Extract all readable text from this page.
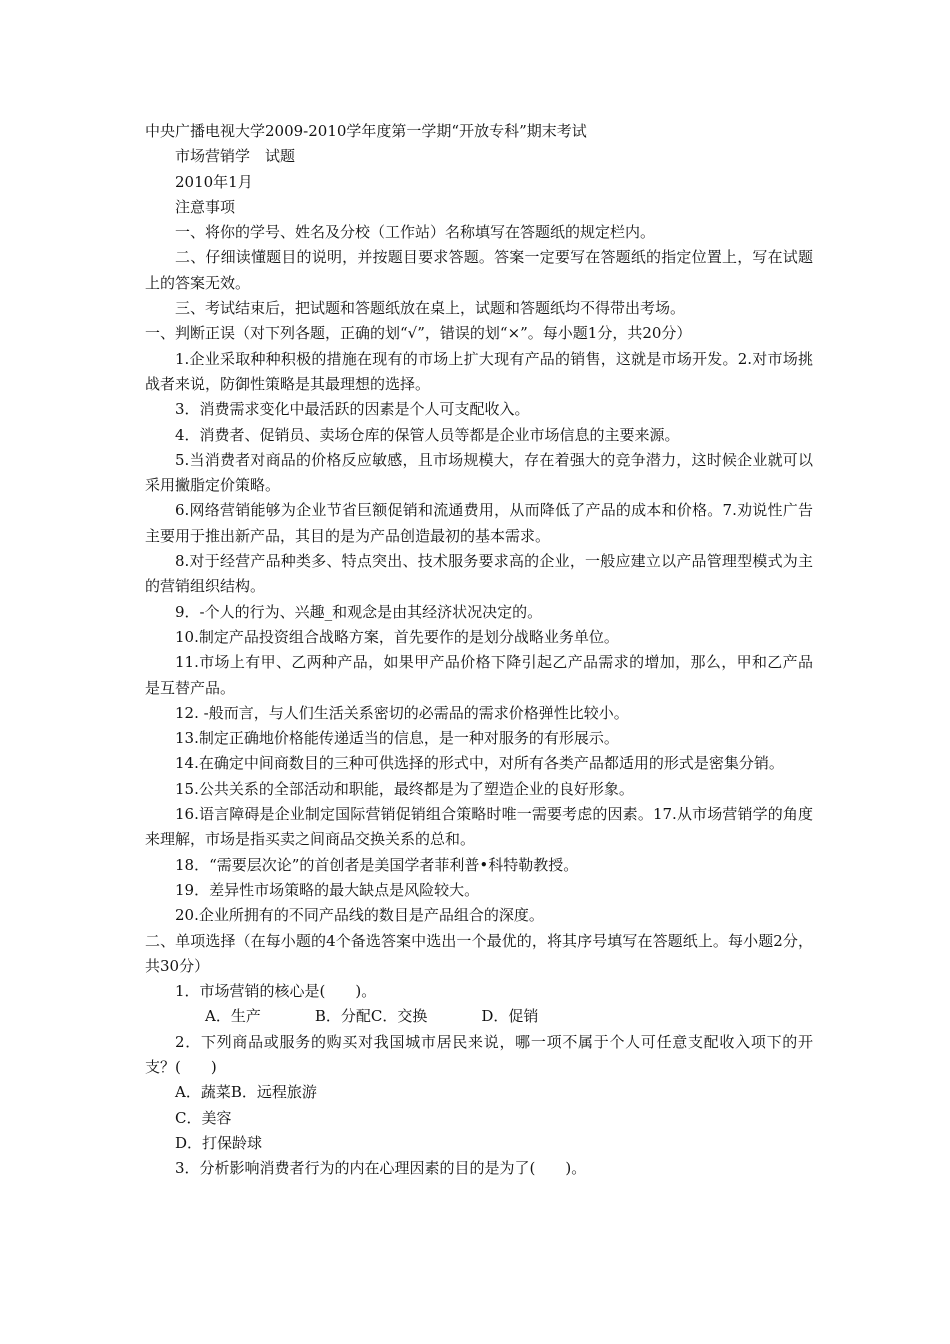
中央广播电视大学2009-2010学年度第一学期“开放专科”期末考试
市场营销学　试题
2010年1月
注意事项
一、将你的学号、姓名及分校（工作站）名称填写在答题纸的规定栏内。
二、仔细读懂题目的说明，并按题目要求答题。答案一定要写在答题纸的指定位置上，写在试题上的答案无效。
三、考试结束后，把试题和答题纸放在桌上，试题和答题纸均不得带出考场。
一、判断正误（对下列各题，正确的划“√”，错误的划“×”。每小题1分，共20分）
1.企业采取种种积极的措施在现有的市场上扩大现有产品的销售，这就是市场开发。2.对市场挑战者来说，防御性策略是其最理想的选择。
3．消费需求变化中最活跃的因素是个人可支配收入。
4．消费者、促销员、卖场仓库的保管人员等都是企业市场信息的主要来源。
5.当消费者对商品的价格反应敏感，且市场规模大，存在着强大的竞争潜力，这时候企业就可以采用撇脂定价策略。
6.网络营销能够为企业节省巨额促销和流通费用，从而降低了产品的成本和价格。7.劝说性广告主要用于推出新产品，其目的是为产品创造最初的基本需求。
8.对于经营产品种类多、特点突出、技术服务要求高的企业，一般应建立以产品管理型模式为主的营销组织结构。
9．-个人的行为、兴趣_和观念是由其经济状况决定的。
10.制定产品投资组合战略方案，首先要作的是划分战略业务单位。
11.市场上有甲、乙两种产品，如果甲产品价格下降引起乙产品需求的增加，那么，甲和乙产品是互替产品。
12. -般而言，与人们生活关系密切的必需品的需求价格弹性比较小。
13.制定正确地价格能传递适当的信息，是一种对服务的有形展示。
14.在确定中间商数目的三种可供选择的形式中，对所有各类产品都适用的形式是密集分销。
15.公共关系的全部活动和职能，最终都是为了塑造企业的良好形象。
16.语言障碍是企业制定国际营销促销组合策略时唯一需要考虑的因素。17.从市场营销学的角度来理解，市场是指买卖之间商品交换关系的总和。
18．“需要层次论”的首创者是美国学者菲利普•科特勒教授。
19．差异性市场策略的最大缺点是风险较大。
20.企业所拥有的不同产品线的数目是产品组合的深度。
二、单项选择（在每小题的4个备选答案中选出一个最优的，将其序号填写在答题纸上。每小题2分，共30分）
1．市场营销的核心是(　　)。
A．生产	B．分配C．交换	D．促销
2．下列商品或服务的购买对我国城市居民来说，哪一项不属于个人可任意支配收入项下的开支？(　　)
A．蔬菜B．远程旅游
C．美容
D．打保龄球
3．分析影响消费者行为的内在心理因素的目的是为了(　　)。
